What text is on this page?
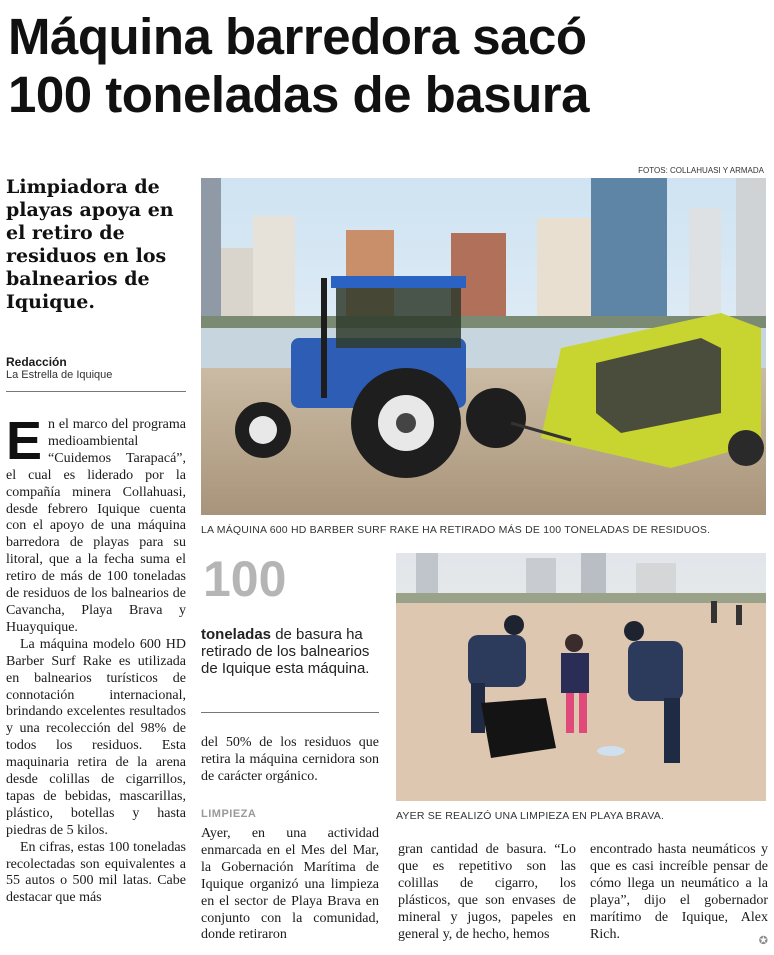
Máquina barredora sacó
100 toneladas de basura
FOTOS: COLLAHUASI Y ARMADA
Limpiadora de playas apoya en el retiro de residuos en los balnearios de Iquique.
Redacción
La Estrella de Iquique

En el marco del programa medioambiental “Cuidemos Tarapacá”, el cual es liderado por la compañía minera Collahuasi, desde febrero Iquique cuenta con el apoyo de una máquina barredora de playas para su litoral, que a la fecha suma el retiro de más de 100 toneladas de residuos de los balnearios de Cavancha, Playa Brava y Huayquique.

La máquina modelo 600 HD Barber Surf Rake es utilizada en balnearios turísticos de connotación internacional, brindando excelentes resultados y una recolección del 98% de todos los residuos. Esta maquinaria retira de la arena desde colillas de cigarrillos, tapas de bebidas, mascarillas, plástico, botellas y hasta piedras de 5 kilos.

En cifras, estas 100 toneladas recolectadas son equivalentes a 55 autos o 500 mil latas. Cabe destacar que más

LA MÁQUINA 600 HD BARBER SURF RAKE HA RETIRADO MÁS DE 100 TONELADAS DE RESIDUOS.
100
toneladas de basura ha retirado de los balnearios de Iquique esta máquina.
del 50% de los residuos que retira la máquina cernidora son de carácter orgánico.
LIMPIEZA
Ayer, en una actividad enmarcada en el Mes del Mar, la Gobernación Marítima de Iquique organizó una limpieza en el sector de Playa Brava en conjunto con la comunidad, donde retiraron
AYER SE REALIZÓ UNA LIMPIEZA EN PLAYA BRAVA.
gran cantidad de basura. “Lo que es repetitivo son las colillas de cigarro, los plásticos, que son envases de mineral y jugos, papeles en general y, de hecho, hemos
encontrado hasta neumáticos y que es casi increíble pensar de cómo llega un neumático a la playa”, dijo el gobernador marítimo de Iquique, Alex Rich.	✪
